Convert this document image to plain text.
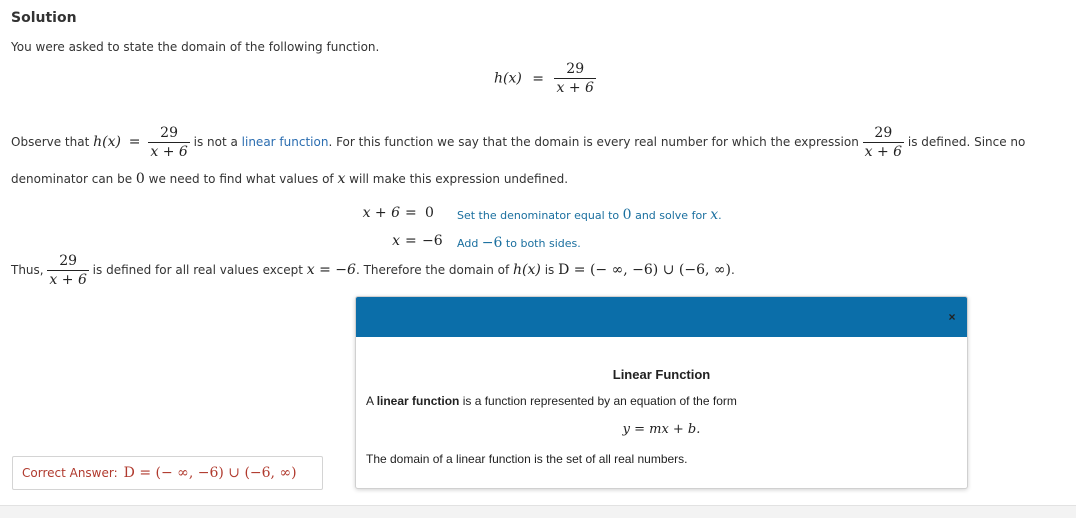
Solution
You were asked to state the domain of the following function.
$h(x) = \frac{29}{x + 6}$
Observe that $h(x) = \frac{29}{x + 6}$ is not a linear function. For this function we say that the domain is every real number for which the expression $\frac{29}{x + 6}$ is defined. Since no
denominator can be 0 we need to find what values of x will make this expression undefined.
x + 6 = 0 Set the denominator equal to 0 and solve for x.
x = −6 Add −6 to both sides.
Thus, $\frac{29}{x + 6}$ is defined for all real values except x = −6. Therefore the domain of h(x) is D = (− ∞, −6) ∪ (−6, ∞).
Correct Answer: D = (− ∞, −6) ∪ (−6, ∞)
×
Linear Function
A linear function is a function represented by an equation of the form
y = mx + b.
The domain of a linear function is the set of all real numbers.
